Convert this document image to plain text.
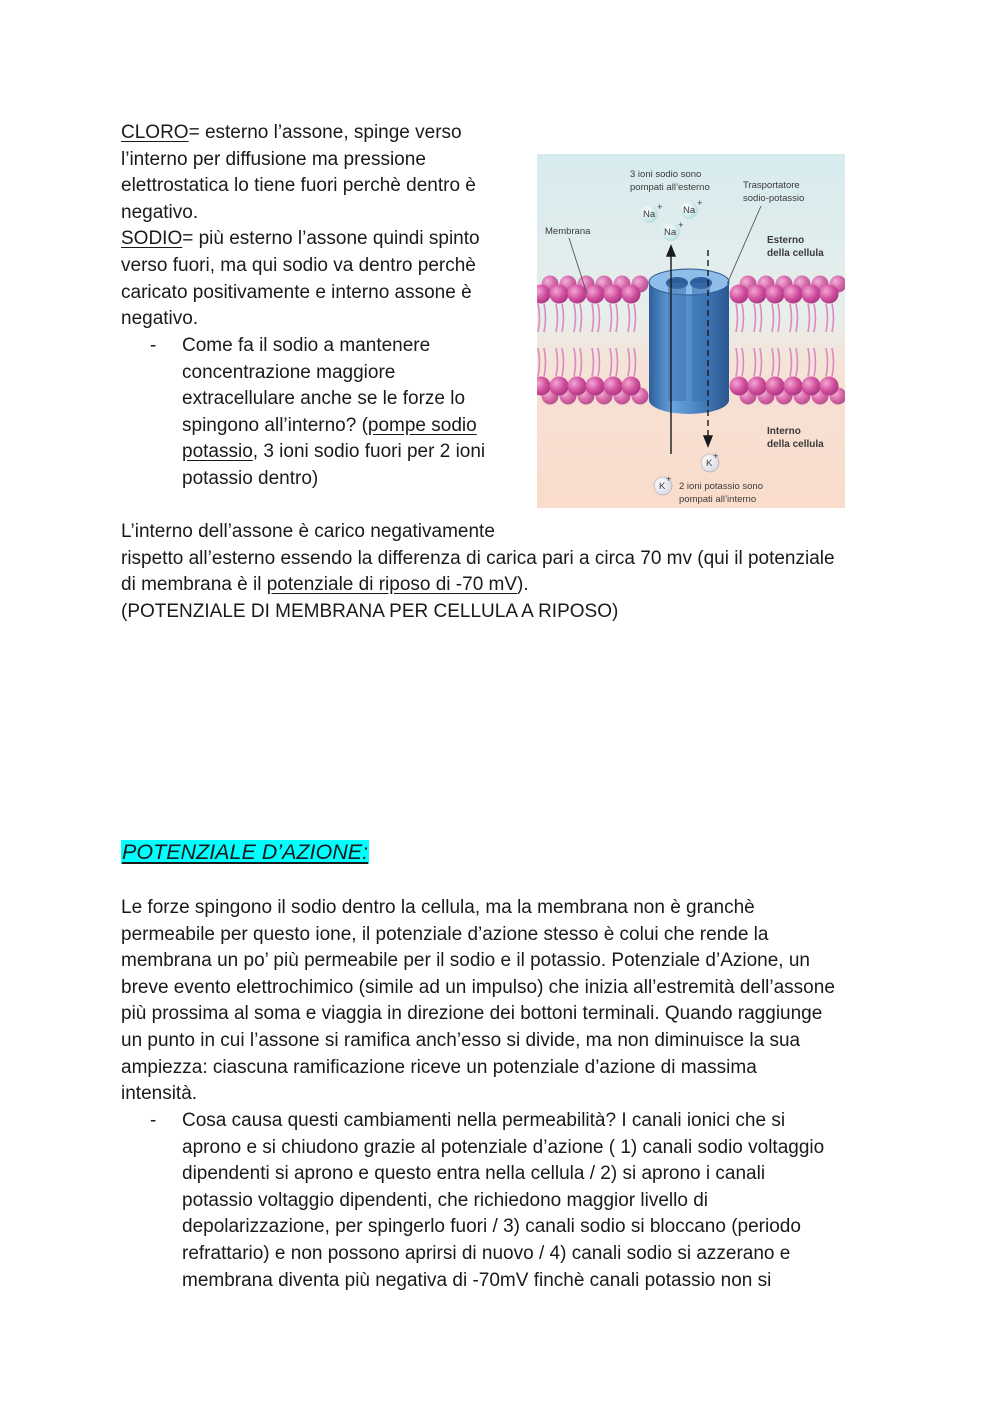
CLORO= esterno l’assone, spinge verso
l’interno per diffusione ma pressione
elettrostatica lo tiene fuori perchè dentro è
negativo.
SODIO= più esterno l’assone quindi spinto
verso fuori, ma qui sodio va dentro perchè
caricato positivamente e interno assone è
negativo.
- Come fa il sodio a mantenere
concentrazione maggiore
extracellulare anche se le forze lo
spingono all’interno? (pompe sodio
potassio, 3 ioni sodio fuori per 2 ioni
potassio dentro)
Na
+ Na
+
Na
+
K
+
K
+
3 ioni sodio sono
pompati all’esterno	Trasportatore
sodio-potassio
Membrana
Esterno
della cellula
Interno
della cellula
2 ioni potassio sono
pompati all’interno
L’interno dell’assone è carico negativamente
rispetto all’esterno essendo la differenza di carica pari a circa 70 mv (qui il potenziale
di membrana è il potenziale di riposo di -70 mV).
(POTENZIALE DI MEMBRANA PER CELLULA A RIPOSO)
POTENZIALE D’AZIONE:
Le forze spingono il sodio dentro la cellula, ma la membrana non è granchè
permeabile per questo ione, il potenziale d’azione stesso è colui che rende la
membrana un po’ più permeabile per il sodio e il potassio. Potenziale d’Azione, un
breve evento elettrochimico (simile ad un impulso) che inizia all’estremità dell’assone
più prossima al soma e viaggia in direzione dei bottoni terminali. Quando raggiunge
un punto in cui l’assone si ramifica anch’esso si divide, ma non diminuisce la sua
ampiezza: ciascuna ramificazione riceve un potenziale d’azione di massima
intensità.
- Cosa causa questi cambiamenti nella permeabilità? I canali ionici che si
aprono e si chiudono grazie al potenziale d’azione ( 1) canali sodio voltaggio
dipendenti si aprono e questo entra nella cellula / 2) si aprono i canali
potassio voltaggio dipendenti, che richiedono maggior livello di
depolarizzazione, per spingerlo fuori / 3) canali sodio si bloccano (periodo
refrattario) e non possono aprirsi di nuovo / 4) canali sodio si azzerano e
membrana diventa più negativa di -70mV finchè canali potassio non si
